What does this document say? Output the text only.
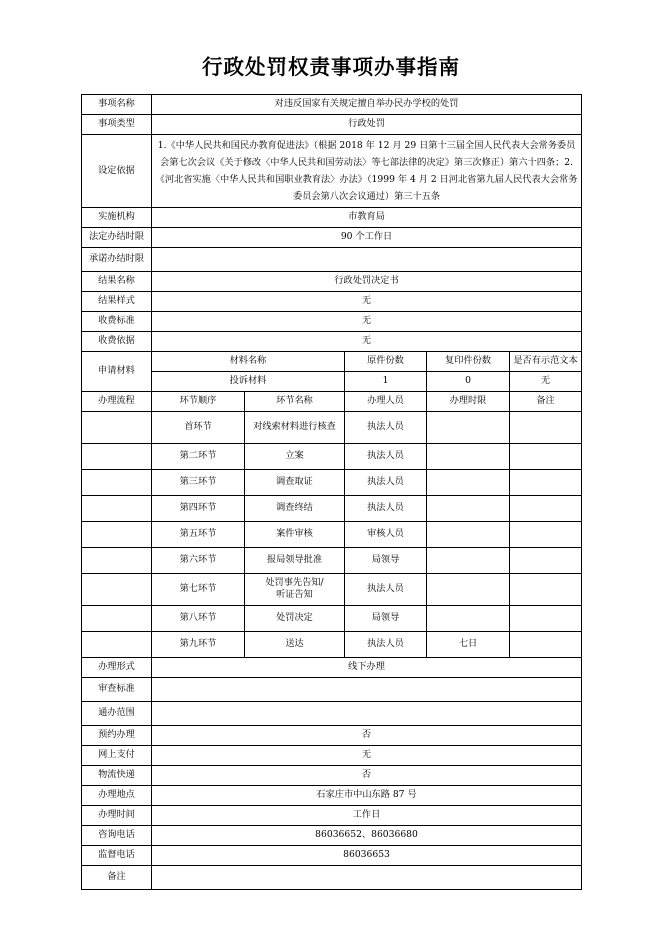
行政处罚权责事项办事指南
事项名称	对违反国家有关规定擅自举办民办学校的处罚				
事项类型	行政处罚				
设定依据	1.《中华人民共和国民办教育促进法》（根据 2018 年 12 月 29 日第十三届全国人民代表大会常务委员会第七次会议《关于修改〈中华人民共和国劳动法〉等七部法律的决定》第三次修正）第六十四条；2.《河北省实施〈中华人民共和国职业教育法〉办法》（1999 年 4 月 2 日河北省第九届人民代表大会常务委员会第八次会议通过）第三十五条				
实施机构	市教育局				
法定办结时限	90 个工作日				
承诺办结时限					
结果名称	行政处罚决定书				
结果样式	无				
收费标准	无				
收费依据	无				
申请材料	材料名称		原件份数	复印件份数	是否有示范文本
	投诉材料		1	0	无
办理流程	环节顺序	环节名称	办理人员	办理时限	备注
	首环节	对线索材料进行核查	执法人员		
	第二环节	立案	执法人员		
	第三环节	调查取证	执法人员		
	第四环节	调查终结	执法人员		
	第五环节	案件审核	审核人员		
	第六环节	报局领导批准	局领导		
	第七环节	处罚事先告知/
听证告知	执法人员		
	第八环节	处罚决定	局领导		
	第九环节	送达	执法人员	七日	
办理形式	线下办理				
审查标准					
通办范围					
预约办理	否				
网上支付	无				
物流快递	否				
办理地点	石家庄市中山东路 87 号				
办理时间	工作日				
咨询电话	86036652、86036680				
监督电话	86036653				
备注					
